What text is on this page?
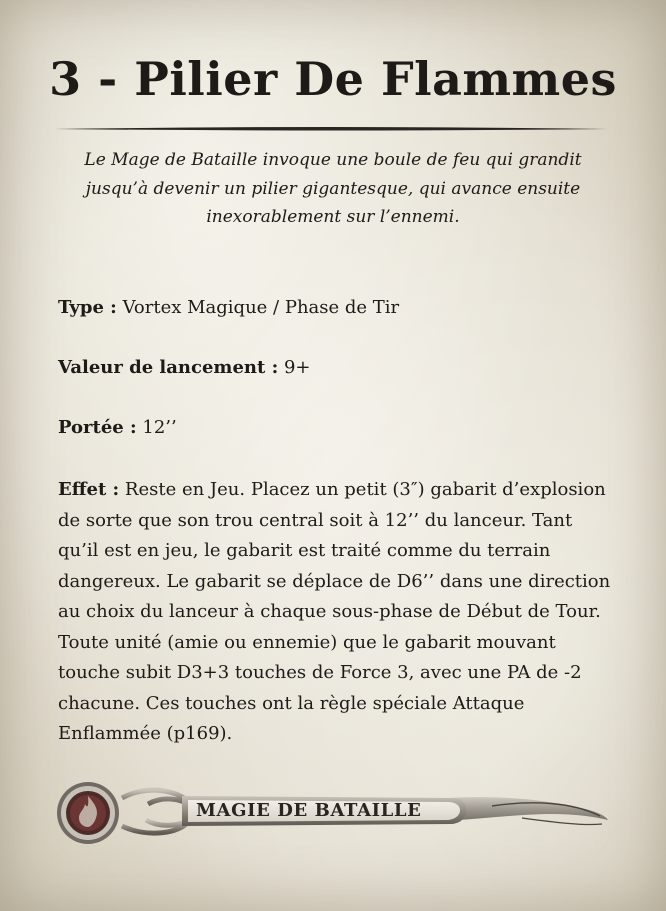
3 - Pilier De Flammes

Le Mage de Bataille invoque une boule de feu qui grandit jusqu’à devenir un pilier gigantesque, qui avance ensuite inexorablement sur l’ennemi.

Type : Vortex Magique / Phase de Tir

Valeur de lancement : 9+

Portée : 12’’

Effet : Reste en Jeu. Placez un petit (3″) gabarit d’explosion de sorte que son trou central soit à 12’’ du lanceur. Tant qu’il est en jeu, le gabarit est traité comme du terrain dangereux. Le gabarit se déplace de D6’’ dans une direction au choix du lanceur à chaque sous-phase de Début de Tour. Toute unité (amie ou ennemie) que le gabarit mouvant touche subit D3+3 touches de Force 3, avec une PA de -2 chacune. Ces touches ont la règle spéciale Attaque Enflammée (p169).

MAGIE DE BATAILLE
